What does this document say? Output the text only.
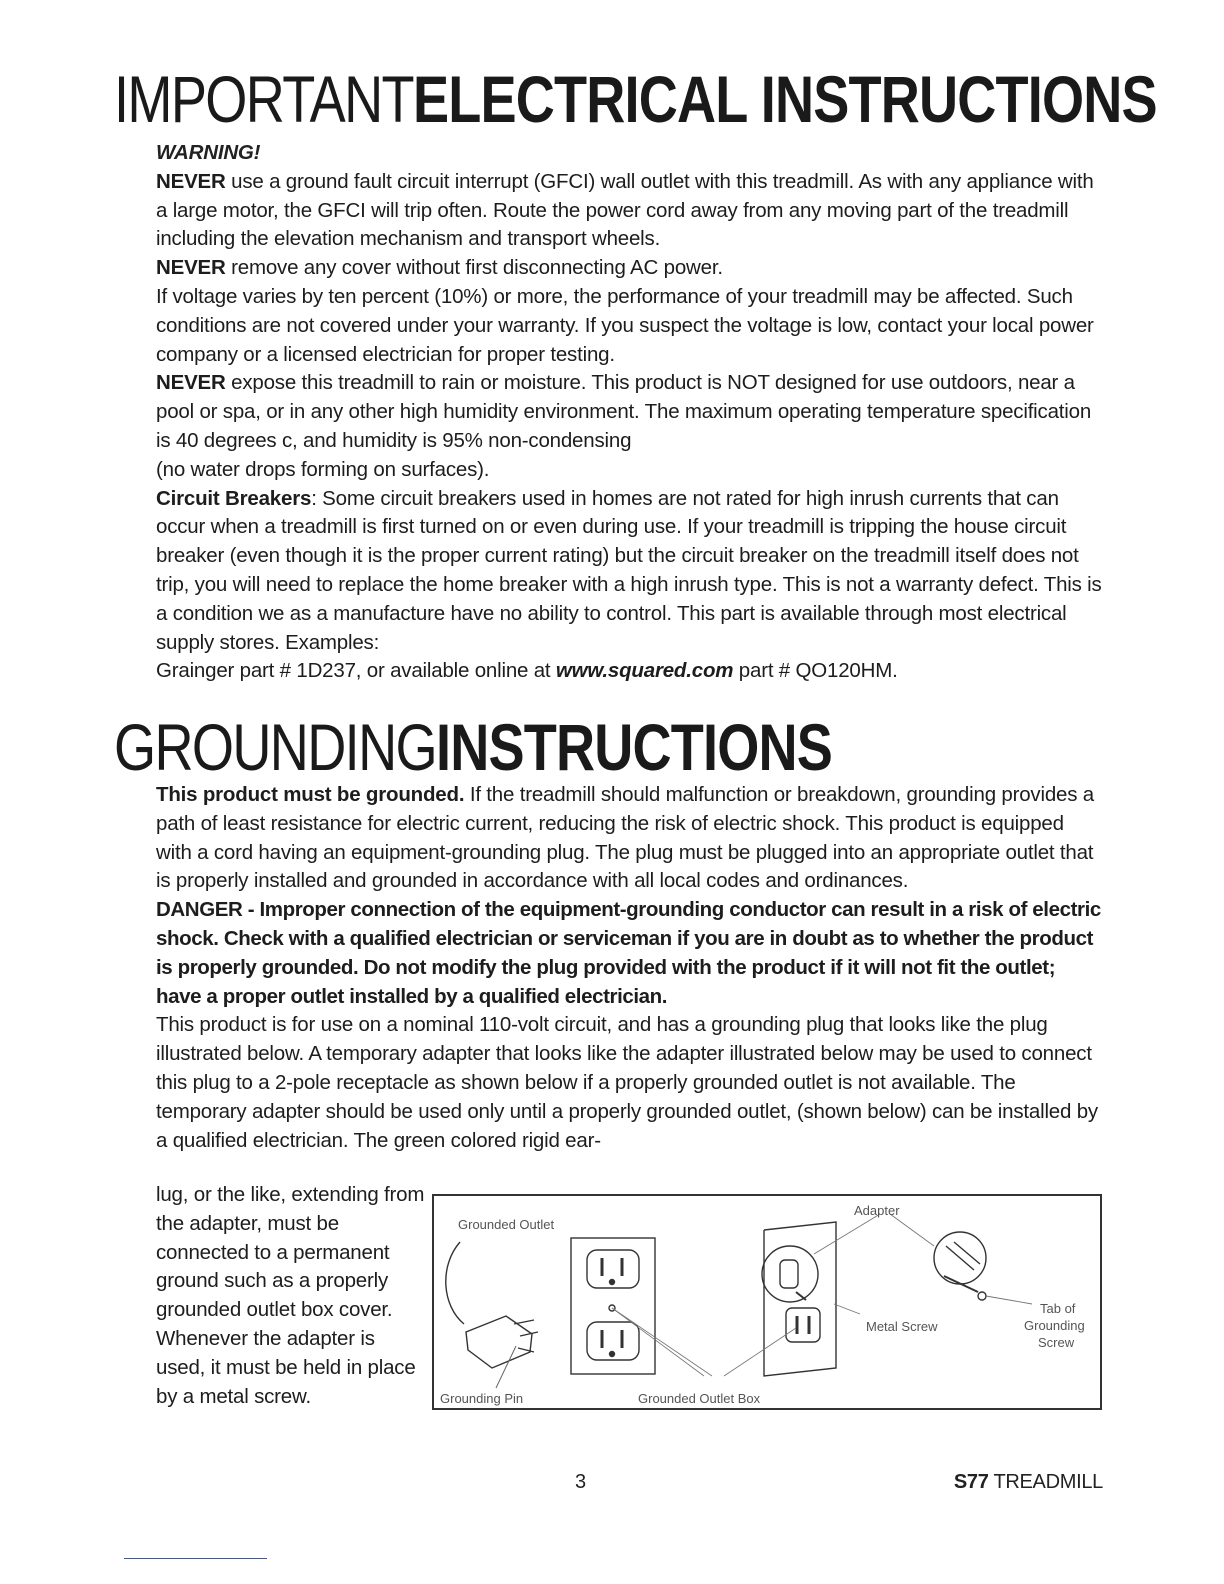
IMPORTANTELECTRICAL INSTRUCTIONS

WARNING!

NEVER use a ground fault circuit interrupt (GFCI) wall outlet with this treadmill. As with any appliance with a large motor, the GFCI will trip often. Route the power cord away from any moving part of the treadmill including the elevation mechanism and transport wheels.

NEVER remove any cover without first disconnecting AC power.

If voltage varies by ten percent (10%) or more, the performance of your treadmill may be affected. Such conditions are not covered under your warranty. If you suspect the voltage is low, contact your local power company or a licensed electrician for proper testing.

NEVER expose this treadmill to rain or moisture. This product is NOT designed for use outdoors, near a pool or spa, or in any other high humidity environment. The maximum operating temperature specification is 40 degrees c, and humidity is 95% non-condensing

(no water drops forming on surfaces).

Circuit Breakers: Some circuit breakers used in homes are not rated for high inrush currents that can occur when a treadmill is first turned on or even during use. If your treadmill is tripping the house circuit breaker (even though it is the proper current rating) but the circuit breaker on the treadmill itself does not trip, you will need to replace the home breaker with a high inrush type. This is not a warranty defect. This is a condition we as a manufacture have no ability to control. This part is available through most electrical supply stores. Examples:

Grainger part # 1D237, or available online at www.squared.com part # QO120HM.

GROUNDINGINSTRUCTIONS

This product must be grounded. If the treadmill should malfunction or breakdown, grounding provides a path of least resistance for electric current, reducing the risk of electric shock. This product is equipped with a cord having an equipment-grounding plug. The plug must be plugged into an appropriate outlet that is properly installed and grounded in accordance with all local codes and ordinances.

DANGER - Improper connection of the equipment-grounding conductor can result in a risk of electric shock. Check with a qualified electrician or serviceman if you are in doubt as to whether the product is properly grounded. Do not modify the plug provided with the product if it will not fit the outlet; have a proper outlet installed by a qualified electrician.

This product is for use on a nominal 110-volt circuit, and has a grounding plug that looks like the plug illustrated below. A temporary adapter that looks like the adapter illustrated below may be used to connect this plug to a 2-pole receptacle as shown below if a properly grounded outlet is not available. The temporary adapter should be used only until a properly grounded outlet, (shown below) can be installed by a qualified electrician. The green colored rigid ear-

lug, or the like, extending from the adapter, must be connected to a permanent ground such as a properly grounded outlet box cover. Whenever the adapter is used, it must be held in place by a metal screw.

Grounded Outlet
Adapter
Tab of
Grounding
Screw
Metal Screw
Grounding Pin	Grounded Outlet Box
3	S77 TREADMILL
